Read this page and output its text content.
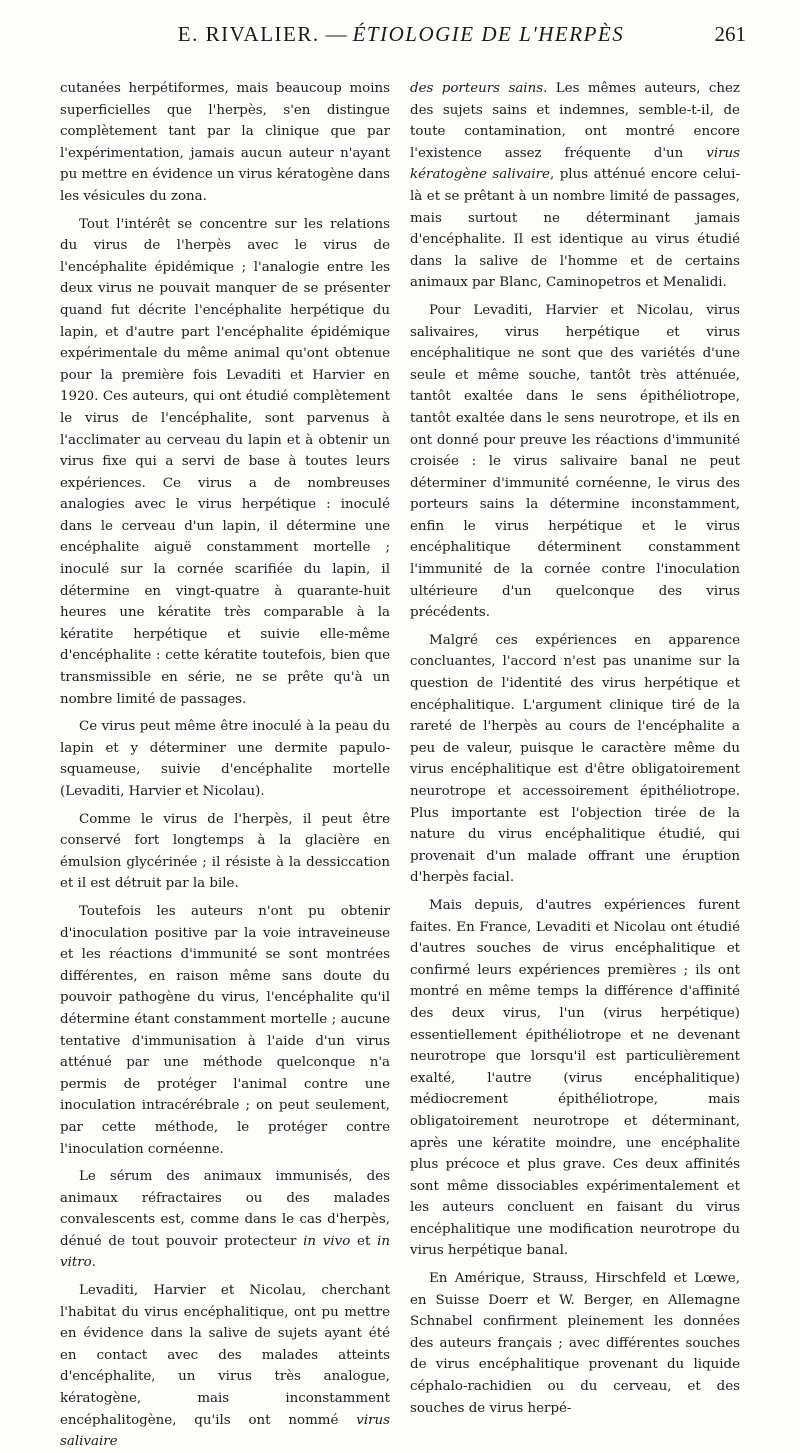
E. RIVALIER. — ÉTIOLOGIE DE L'HERPÈS	261

cutanées herpétiformes, mais beaucoup moins superficielles que l'herpès, s'en distingue complètement tant par la clinique que par l'expérimentation, jamais aucun auteur n'ayant pu mettre en évidence un virus kératogène dans les vésicules du zona.

Tout l'intérêt se concentre sur les relations du virus de l'herpès avec le virus de l'encéphalite épidémique ; l'analogie entre les deux virus ne pouvait manquer de se présenter quand fut décrite l'encéphalite herpétique du lapin, et d'autre part l'encéphalite épidémique expérimentale du même animal qu'ont obtenue pour la première fois Levaditi et Harvier en 1920. Ces auteurs, qui ont étudié complètement le virus de l'encéphalite, sont parvenus à l'acclimater au cerveau du lapin et à obtenir un virus fixe qui a servi de base à toutes leurs expériences. Ce virus a de nombreuses analogies avec le virus herpétique : inoculé dans le cerveau d'un lapin, il détermine une encéphalite aiguë constamment mortelle ; inoculé sur la cornée scarifiée du lapin, il détermine en vingt-quatre à quarante-huit heures une kératite très comparable à la kératite herpétique et suivie elle-même d'encéphalite : cette kératite toutefois, bien que transmissible en série, ne se prête qu'à un nombre limité de passages.

Ce virus peut même être inoculé à la peau du lapin et y déterminer une dermite papulo-squameuse, suivie d'encéphalite mortelle (Levaditi, Harvier et Nicolau).

Comme le virus de l'herpès, il peut être conservé fort longtemps à la glacière en émulsion glycérinée ; il résiste à la dessiccation et il est détruit par la bile.

Toutefois les auteurs n'ont pu obtenir d'inoculation positive par la voie intraveineuse et les réactions d'immunité se sont montrées différentes, en raison même sans doute du pouvoir pathogène du virus, l'encéphalite qu'il détermine étant constamment mortelle ; aucune tentative d'immunisation à l'aide d'un virus atténué par une méthode quelconque n'a permis de protéger l'animal contre une inoculation intracérébrale ; on peut seulement, par cette méthode, le protéger contre l'inoculation cornéenne.

Le sérum des animaux immunisés, des animaux réfractaires ou des malades convalescents est, comme dans le cas d'herpès, dénué de tout pouvoir protecteur in vivo et in vitro.

Levaditi, Harvier et Nicolau, cherchant l'habitat du virus encéphalitique, ont pu mettre en évidence dans la salive de sujets ayant été en contact avec des malades atteints d'encéphalite, un virus très analogue, kératogène, mais inconstamment encéphalitogène, qu'ils ont nommé virus salivaire

des porteurs sains. Les mêmes auteurs, chez des sujets sains et indemnes, semble-t-il, de toute contamination, ont montré encore l'existence assez fréquente d'un virus kératogène salivaire, plus atténué encore celui-là et se prêtant à un nombre limité de passages, mais surtout ne déterminant jamais d'encéphalite. Il est identique au virus étudié dans la salive de l'homme et de certains animaux par Blanc, Caminopetros et Menalidi.

Pour Levaditi, Harvier et Nicolau, virus salivaires, virus herpétique et virus encéphalitique ne sont que des variétés d'une seule et même souche, tantôt très atténuée, tantôt exaltée dans le sens épithéliotrope, tantôt exaltée dans le sens neurotrope, et ils en ont donné pour preuve les réactions d'immunité croisée : le virus salivaire banal ne peut déterminer d'immunité cornéenne, le virus des porteurs sains la détermine inconstamment, enfin le virus herpétique et le virus encéphalitique déterminent constamment l'immunité de la cornée contre l'inoculation ultérieure d'un quelconque des virus précédents.

Malgré ces expériences en apparence concluantes, l'accord n'est pas unanime sur la question de l'identité des virus herpétique et encéphalitique. L'argument clinique tiré de la rareté de l'herpès au cours de l'encéphalite a peu de valeur, puisque le caractère même du virus encéphalitique est d'être obligatoirement neurotrope et accessoirement épithéliotrope. Plus importante est l'objection tirée de la nature du virus encéphalitique étudié, qui provenait d'un malade offrant une éruption d'herpès facial.

Mais depuis, d'autres expériences furent faites. En France, Levaditi et Nicolau ont étudié d'autres souches de virus encéphalitique et confirmé leurs expériences premières ; ils ont montré en même temps la différence d'affinité des deux virus, l'un (virus herpétique) essentiellement épithéliotrope et ne devenant neurotrope que lorsqu'il est particulièrement exalté, l'autre (virus encéphalitique) médiocrement épithéliotrope, mais obligatoirement neurotrope et déterminant, après une kératite moindre, une encéphalite plus précoce et plus grave. Ces deux affinités sont même dissociables expérimentalement et les auteurs concluent en faisant du virus encéphalitique une modification neurotrope du virus herpétique banal.

En Amérique, Strauss, Hirschfeld et Lœwe, en Suisse Doerr et W. Berger, en Allemagne Schnabel confirment pleinement les données des auteurs français ; avec différentes souches de virus encéphalitique provenant du liquide céphalo-rachidien ou du cerveau, et des souches de virus herpé-
